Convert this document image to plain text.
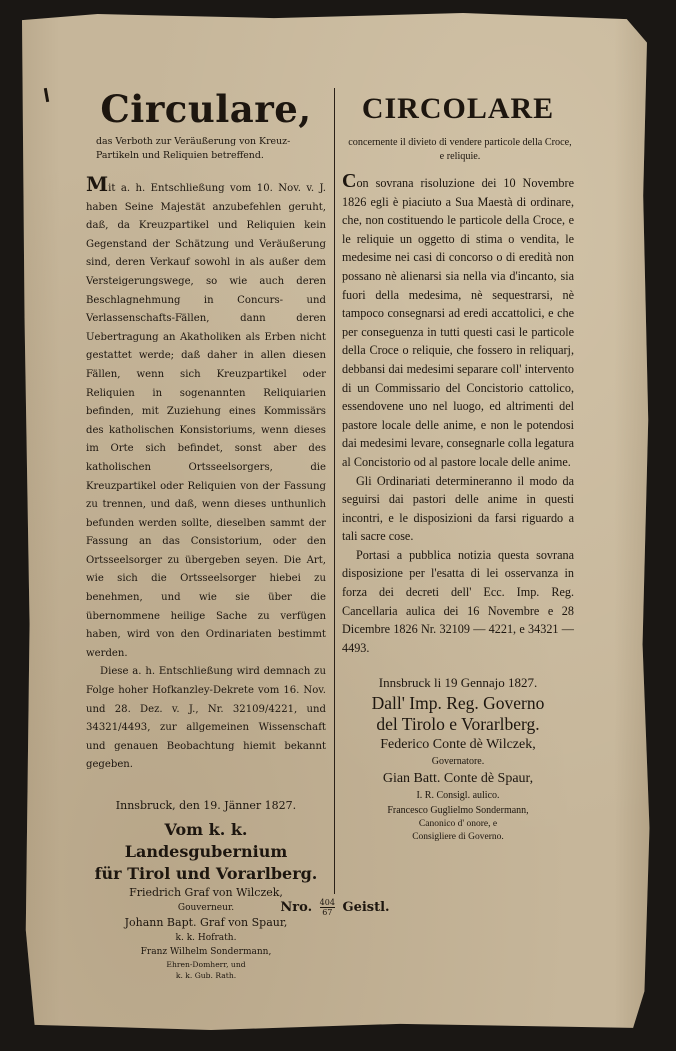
Circulare,
das Verboth zur Veräußerung von Kreuz-Partikeln und Reliquien betreffend.

Mit a. h. Entschließung vom 10. Nov. v. J. haben Seine Majestät anzubefehlen geruht, daß, da Kreuzpartikel und Reliquien kein Gegenstand der Schätzung und Veräußerung sind, deren Verkauf sowohl in als außer dem Versteigerungswege, so wie auch deren Beschlagnehmung in Concurs- und Verlassenschafts-Fällen, dann deren Uebertragung an Akatholiken als Erben nicht gestattet werde; daß daher in allen diesen Fällen, wenn sich Kreuzpartikel oder Reliquien in sogenannten Reliquiarien befinden, mit Zuziehung eines Kommissärs des katholischen Konsistoriums, wenn dieses im Orte sich befindet, sonst aber des katholischen Ortsseelsorgers, die Kreuzpartikel oder Reliquien von der Fassung zu trennen, und daß, wenn dieses unthunlich befunden werden sollte, dieselben sammt der Fassung an das Consistorium, oder den Ortsseelsorger zu übergeben seyen. Die Art, wie sich die Ortsseelsorger hiebei zu benehmen, und wie sie über die übernommene heilige Sache zu verfügen haben, wird von den Ordinariaten bestimmt werden.

Diese a. h. Entschließung wird demnach zu Folge hoher Hofkanzley-Dekrete vom 16. Nov. und 28. Dez. v. J., Nr. 32109/4221, und 34321/4493, zur allgemeinen Wissenschaft und genauen Beobachtung hiemit bekannt gegeben.

Innsbruck, den 19. Jänner 1827.
Vom k. k. Landesgubernium
für Tirol und Vorarlberg.
Friedrich Graf von Wilczek,
Gouverneur.
Johann Bapt. Graf von Spaur,
k. k. Hofrath.
Franz Wilhelm Sondermann,
Ehren-Domherr, und
k. k. Gub. Rath.
CIRCOLARE
concernente il divieto di vendere particole della Croce, e reliquie.

Con sovrana risoluzione dei 10 Novembre 1826 egli è piaciuto a Sua Maestà di ordinare, che, non costituendo le particole della Croce, e le reliquie un oggetto di stima o vendita, le medesime nei casi di concorso o di eredità non possano nè alienarsi sia nella via d'incanto, sia fuori della medesima, nè sequestrarsi, nè tampoco consegnarsi ad eredi accattolici, e che per conseguenza in tutti questi casi le particole della Croce o reliquie, che fossero in reliquarj, debbansi dai medesimi separare coll' intervento di un Commissario del Concistorio cattolico, essendovene uno nel luogo, ed altrimenti del pastore locale delle anime, e non le potendosi dai medesimi levare, consegnarle colla legatura al Concistorio od al pastore locale delle anime.

Gli Ordinariati determineranno il modo da seguirsi dai pastori delle anime in questi incontri, e le disposizioni da farsi riguardo a tali sacre cose.

Portasi a pubblica notizia questa sovrana disposizione per l'esatta di lei osservanza in forza dei decreti dell' Ecc. Imp. Reg. Cancellaria aulica dei 16 Novembre e 28 Dicembre 1826 Nr. 32109 — 4221, e 34321 — 4493.

Innsbruck li 19 Gennajo 1827.
Dall' Imp. Reg. Governo
del Tirolo e Vorarlberg.
Federico Conte dè Wilczek,
Governatore.
Gian Batt. Conte dè Spaur,
I. R. Consigl. aulico.
Francesco Guglielmo Sondermann,
Canonico d' onore, e
Consigliere di Governo.
Nro. $\frac{404}{67}$ Geistl.
